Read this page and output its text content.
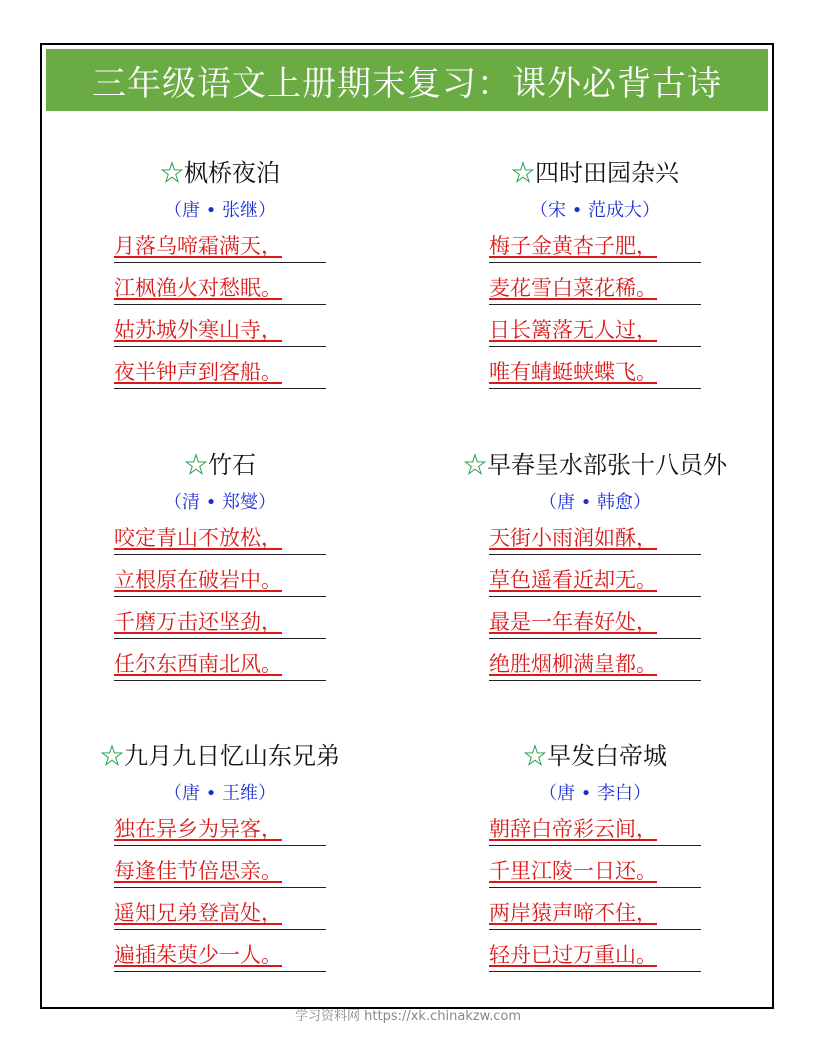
三年级语文上册期末复习：课外必背古诗
☆枫桥夜泊
（唐 • 张继）
月落乌啼霜满天，
江枫渔火对愁眠。
姑苏城外寒山寺，
夜半钟声到客船。
☆四时田园杂兴
（宋 • 范成大）
梅子金黄杏子肥，
麦花雪白菜花稀。
日长篱落无人过，
唯有蜻蜓蛱蝶飞。
☆竹石
（清 • 郑燮）
咬定青山不放松，
立根原在破岩中。
千磨万击还坚劲，
任尔东西南北风。
☆早春呈水部张十八员外
（唐 • 韩愈）
天街小雨润如酥，
草色遥看近却无。
最是一年春好处，
绝胜烟柳满皇都。
☆九月九日忆山东兄弟
（唐 • 王维）
独在异乡为异客，
每逢佳节倍思亲。
遥知兄弟登高处，
遍插茱萸少一人。
☆早发白帝城
（唐 • 李白）
朝辞白帝彩云间，
千里江陵一日还。
两岸猿声啼不住，
轻舟已过万重山。
学习资料网 https://xk.chinakzw.com
